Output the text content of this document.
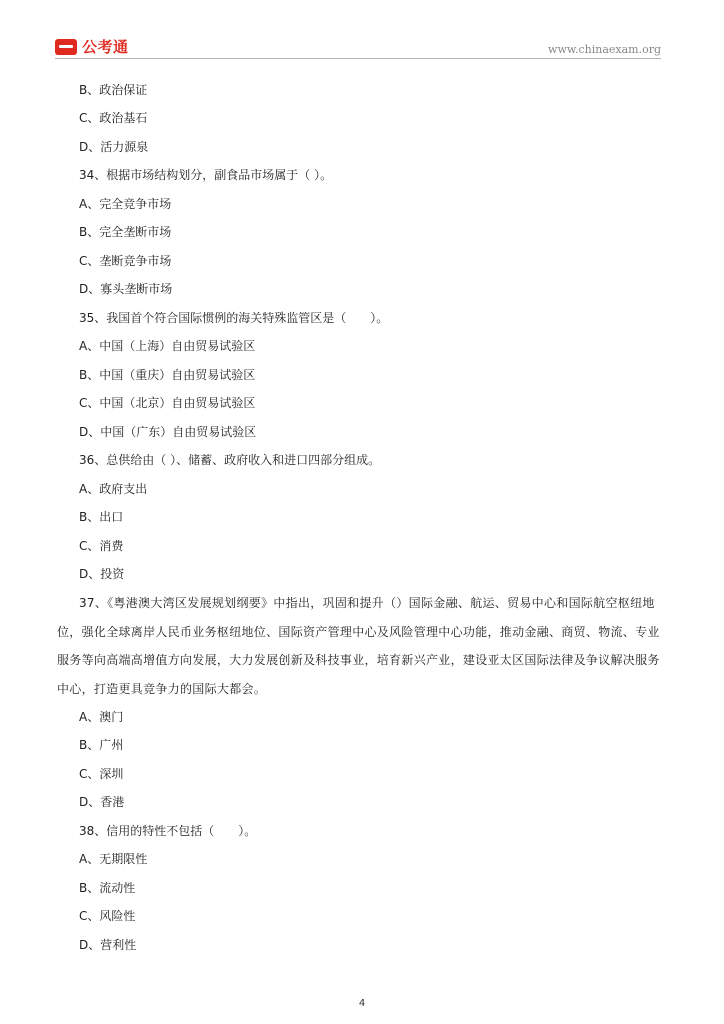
公考通	www.chinaexam.org
B、政治保证
C、政治基石
D、活力源泉
34、根据市场结构划分，副食品市场属于（ ）。
A、完全竞争市场
B、完全垄断市场
C、垄断竞争市场
D、寡头垄断市场
35、我国首个符合国际惯例的海关特殊监管区是（　　）。
A、中国（上海）自由贸易试验区
B、中国（重庆）自由贸易试验区
C、中国（北京）自由贸易试验区
D、中国（广东）自由贸易试验区
36、总供给由（ ）、储蓄、政府收入和进口四部分组成。
A、政府支出
B、出口
C、消费
D、投资
37、《粤港澳大湾区发展规划纲要》中指出，巩固和提升（）国际金融、航运、贸易中心和国际航空枢纽地位，强化全球离岸人民币业务枢纽地位、国际资产管理中心及风险管理中心功能，推动金融、商贸、物流、专业服务等向高端高增值方向发展，大力发展创新及科技事业，培育新兴产业，建设亚太区国际法律及争议解决服务中心，打造更具竞争力的国际大都会。
A、澳门
B、广州
C、深圳
D、香港
38、信用的特性不包括（　　）。
A、无期限性
B、流动性
C、风险性
D、营利性
4
